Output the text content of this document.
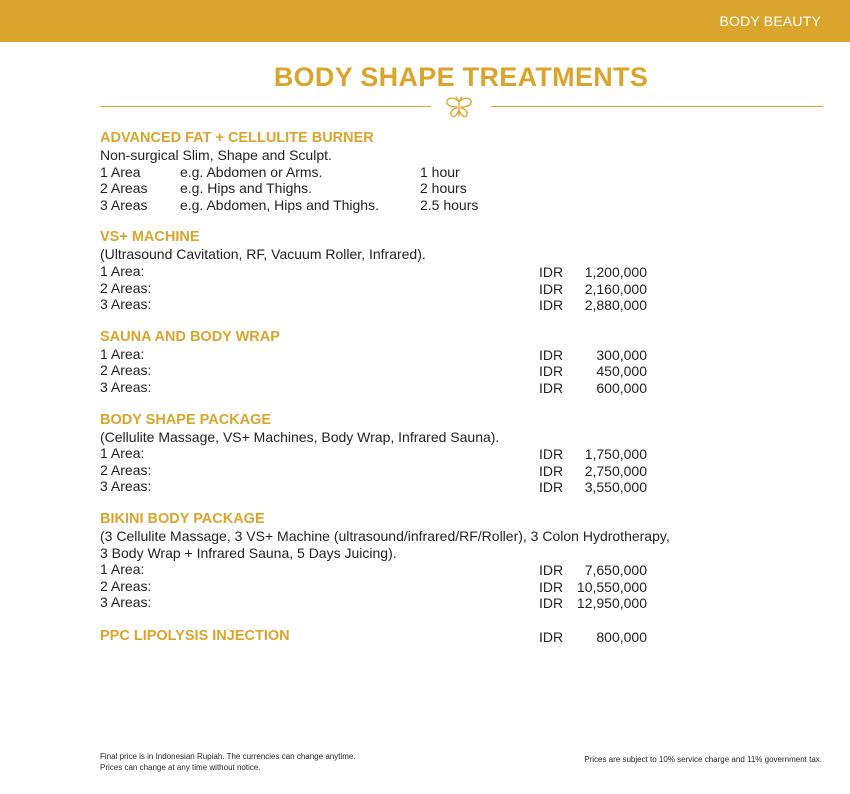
BODY BEAUTY
BODY SHAPE TREATMENTS
ADVANCED FAT + CELLULITE BURNER
Non-surgical Slim, Shape and Sculpt.
1 Area	e.g. Abdomen or Arms.	1 hour
2 Areas e.g. Hips and Thighs.	2 hours
3 Areas e.g. Abdomen, Hips and Thighs.	2.5 hours
VS+ MACHINE
(Ultrasound Cavitation, RF, Vacuum Roller, Infrared).
1 Area:	IDR	1,200,000
2 Areas:	IDR	2,160,000
3 Areas:	IDR	2,880,000
SAUNA AND BODY WRAP
1 Area:	IDR	300,000
2 Areas:	IDR	450,000
3 Areas:	IDR	600,000
BODY SHAPE PACKAGE
(Cellulite Massage, VS+ Machines, Body Wrap, Infrared Sauna).
1 Area:	IDR	1,750,000
2 Areas:	IDR	2,750,000
3 Areas:	IDR	3,550,000
BIKINI BODY PACKAGE
(3 Cellulite Massage, 3 VS+ Machine (ultrasound/infrared/RF/Roller), 3 Colon Hydrotherapy,
3 Body Wrap + Infrared Sauna, 5 Days Juicing).
1 Area:	IDR	7,650,000
2 Areas:	IDR 10,550,000
3 Areas:	IDR 12,950,000
PPC LIPOLYSIS INJECTION	IDR	800,000
Final price is in Indonesian Rupiah. The currencies can change anytime.
Prices can change at any time without notice.
Prices are subject to 10% service charge and 11% government tax.
